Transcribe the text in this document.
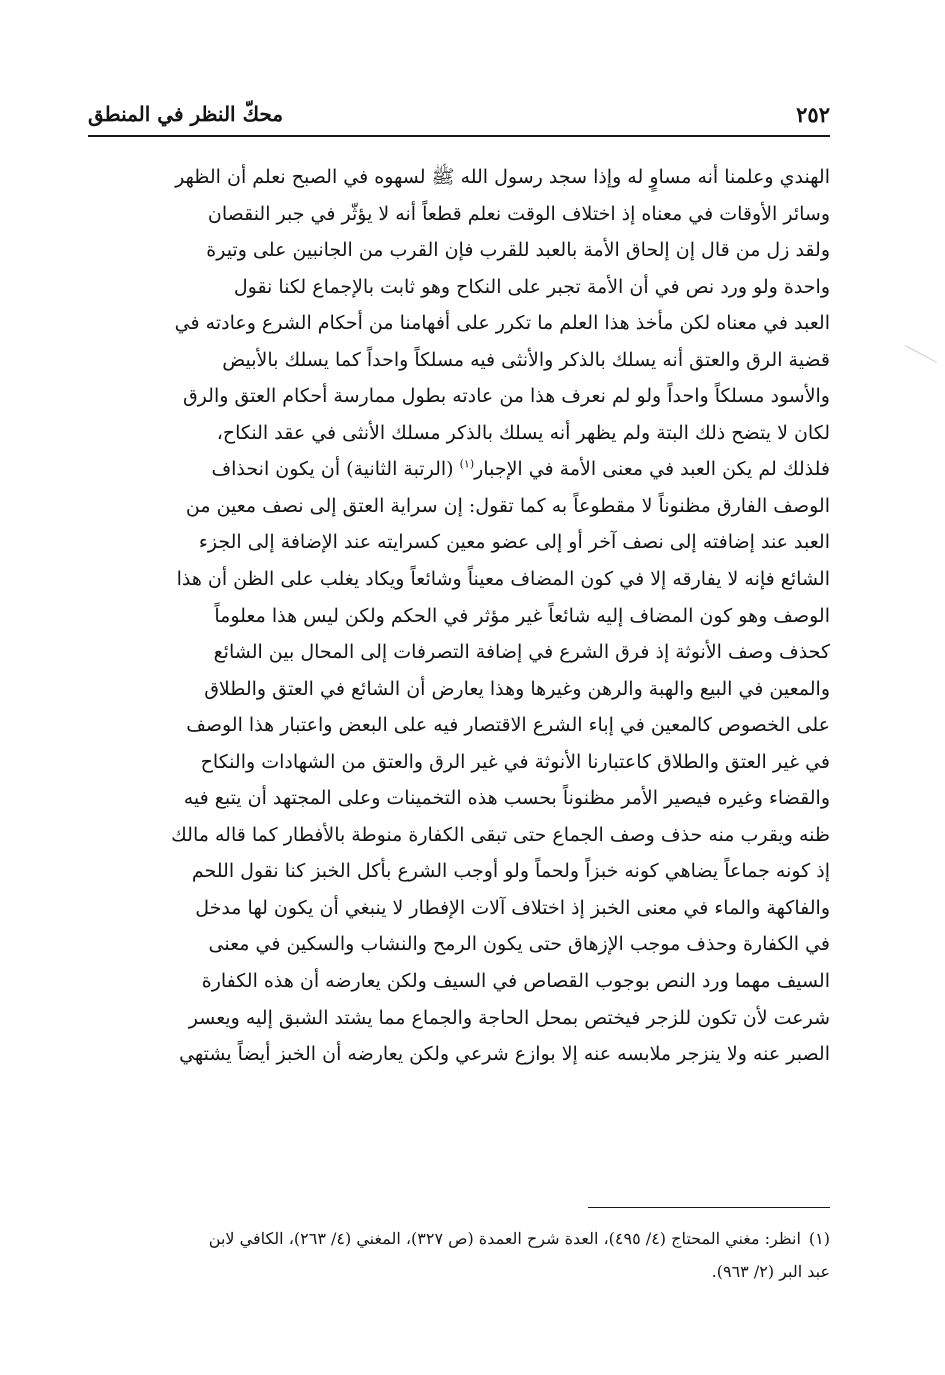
٢٥٢
محكّ النظر في المنطق
الهندي وعلمنا أنه مساوٍ له وإذا سجد رسول الله ﷺ لسهوه في الصبح نعلم أن الظهر
وسائر الأوقات في معناه إذ اختلاف الوقت نعلم قطعاً أنه لا يؤثّر في جبر النقصان
ولقد زل من قال إن إلحاق الأمة بالعبد للقرب فإن القرب من الجانبين على وتيرة
واحدة ولو ورد نص في أن الأمة تجبر على النكاح وهو ثابت بالإجماع لكنا نقول
العبد في معناه لكن مأخذ هذا العلم ما تكرر على أفهامنا من أحكام الشرع وعادته في
قضية الرق والعتق أنه يسلك بالذكر والأنثى فيه مسلكاً واحداً كما يسلك بالأبيض
والأسود مسلكاً واحداً ولو لم نعرف هذا من عادته بطول ممارسة أحكام العتق والرق
لكان لا يتضح ذلك البتة ولم يظهر أنه يسلك بالذكر مسلك الأنثى في عقد النكاح،
فلذلك لم يكن العبد في معنى الأمة في الإجبار$^{(١)}$ (الرتبة الثانية) أن يكون انحذاف
الوصف الفارق مظنوناً لا مقطوعاً به كما تقول: إن سراية العتق إلى نصف معين من
العبد عند إضافته إلى نصف آخر أو إلى عضو معين كسرايته عند الإضافة إلى الجزء
الشائع فإنه لا يفارقه إلا في كون المضاف معيناً وشائعاً ويكاد يغلب على الظن أن هذا
الوصف وهو كون المضاف إليه شائعاً غير مؤثر في الحكم ولكن ليس هذا معلوماً
كحذف وصف الأنوثة إذ فرق الشرع في إضافة التصرفات إلى المحال بين الشائع
والمعين في البيع والهبة والرهن وغيرها وهذا يعارض أن الشائع في العتق والطلاق
على الخصوص كالمعين في إباء الشرع الاقتصار فيه على البعض واعتبار هذا الوصف
في غير العتق والطلاق كاعتبارنا الأنوثة في غير الرق والعتق من الشهادات والنكاح
والقضاء وغيره فيصير الأمر مظنوناً بحسب هذه التخمينات وعلى المجتهد أن يتبع فيه
ظنه ويقرب منه حذف وصف الجماع حتى تبقى الكفارة منوطة بالأفطار كما قاله مالك
إذ كونه جماعاً يضاهي كونه خبزاً ولحماً ولو أوجب الشرع بأكل الخبز كنا نقول اللحم
والفاكهة والماء في معنى الخبز إذ اختلاف آلات الإفطار لا ينبغي أن يكون لها مدخل
في الكفارة وحذف موجب الإزهاق حتى يكون الرمح والنشاب والسكين في معنى
السيف مهما ورد النص بوجوب القصاص في السيف ولكن يعارضه أن هذه الكفارة
شرعت لأن تكون للزجر فيختص بمحل الحاجة والجماع مما يشتد الشبق إليه ويعسر
الصبر عنه ولا ينزجر ملابسه عنه إلا بوازع شرعي ولكن يعارضه أن الخبز أيضاً يشتهي
(١)انظر: مغني المحتاج (٤/ ٤٩٥)، العدة شرح العمدة (ص ٣٢٧)، المغني (٤/ ٢٦٣)، الكافي لابن
عبد البر (٢/ ٩٦٣).
